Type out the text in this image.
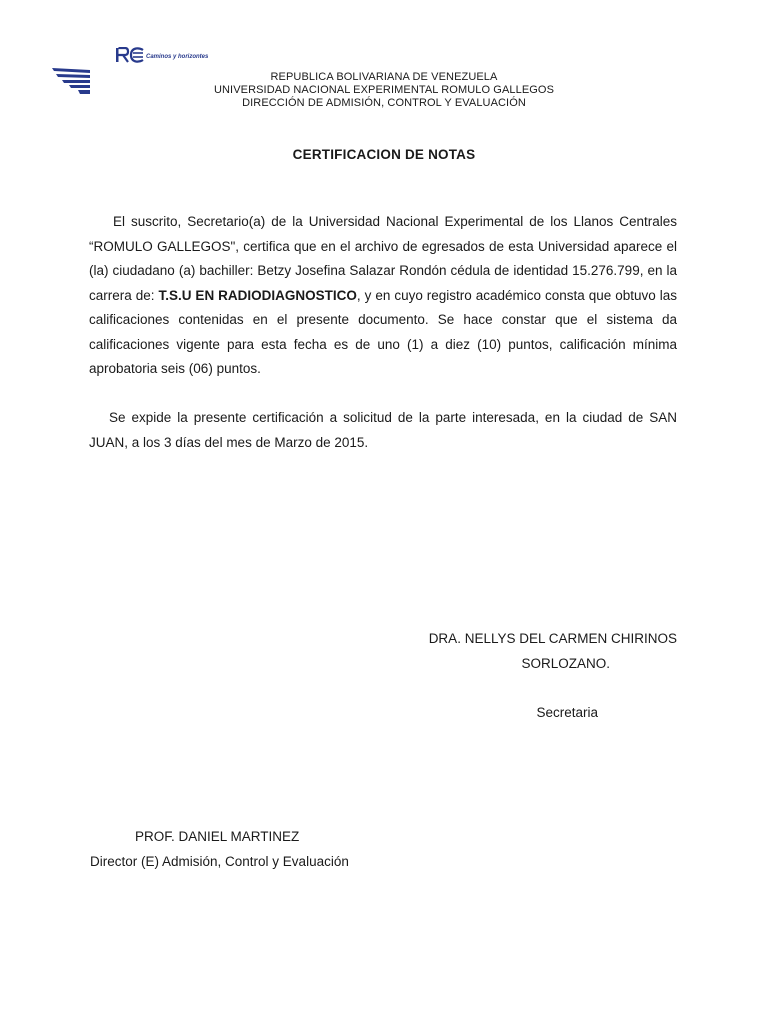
Caminos y horizontes
REPUBLICA BOLIVARIANA DE VENEZUELA
UNIVERSIDAD NACIONAL EXPERIMENTAL ROMULO GALLEGOS
DIRECCIÓN DE ADMISIÓN, CONTROL Y EVALUACIÓN
CERTIFICACION DE NOTAS
El suscrito, Secretario(a) de la Universidad Nacional Experimental de los Llanos Centrales “ROMULO GALLEGOS", certifica que en el archivo de egresados de esta Universidad aparece el (la) ciudadano (a) bachiller: Betzy Josefina Salazar Rondón cédula de identidad 15.276.799, en la carrera de: T.S.U EN RADIODIAGNOSTICO, y en cuyo registro académico consta que obtuvo las calificaciones contenidas en el presente documento. Se hace constar que el sistema da calificaciones vigente para esta fecha es de uno (1) a diez (10) puntos, calificación mínima aprobatoria seis (06) puntos.
Se expide la presente certificación a solicitud de la parte interesada, en la ciudad de SAN JUAN, a los 3 días del mes de Marzo de 2015.
DRA. NELLYS DEL CARMEN CHIRINOS
SORLOZANO.
Secretaria
PROF. DANIEL MARTINEZ
Director (E) Admisión, Control y Evaluación
